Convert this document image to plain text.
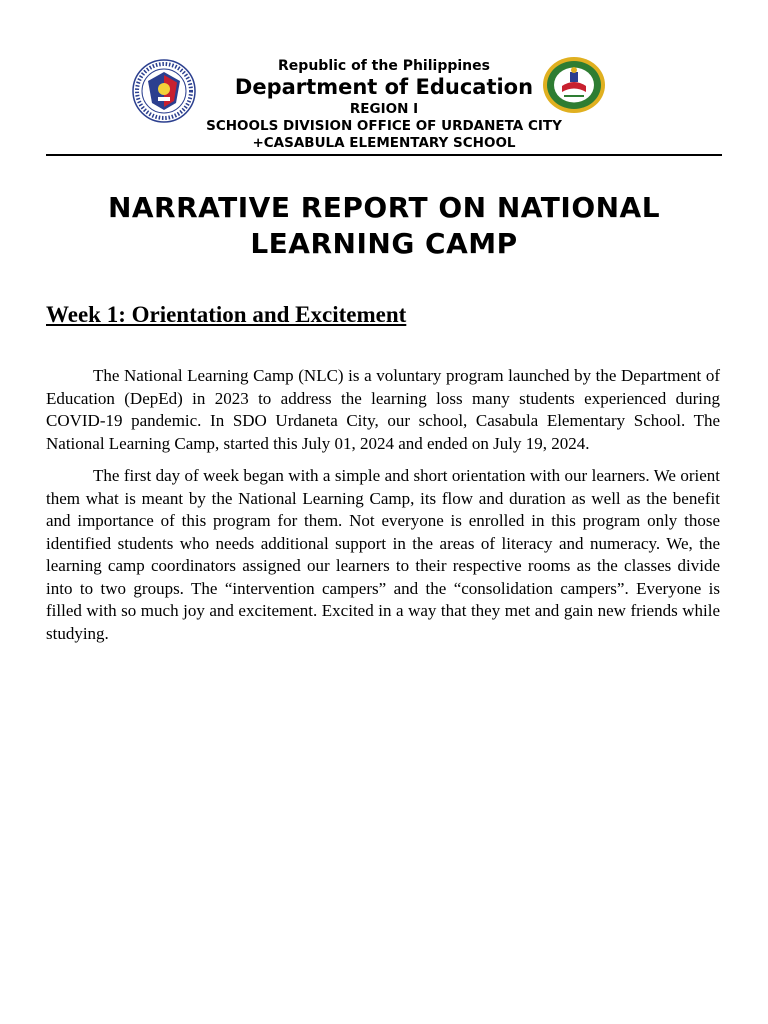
Republic of the Philippines
Department of Education
REGION I
SCHOOLS DIVISION OFFICE OF URDANETA CITY
+CASABULA ELEMENTARY SCHOOL
NARRATIVE REPORT ON NATIONAL LEARNING CAMP
Week 1: Orientation and Excitement

The National Learning Camp (NLC) is a voluntary program launched by the Department of Education (DepEd) in 2023 to address the learning loss many students experienced during COVID-19 pandemic. In SDO Urdaneta City, our school, Casabula Elementary School. The National Learning Camp, started this July 01, 2024 and ended on July 19, 2024.

The first day of week began with a simple and short orientation with our learners. We orient them what is meant by the National Learning Camp, its flow and duration as well as the benefit and importance of this program for them. Not everyone is enrolled in this program only those identified students who needs additional support in the areas of literacy and numeracy. We, the learning camp coordinators assigned our learners to their respective rooms as the classes divide into to two groups. The “intervention campers” and the “consolidation campers”. Everyone is filled with so much joy and excitement. Excited in a way that they met and gain new friends while studying.
